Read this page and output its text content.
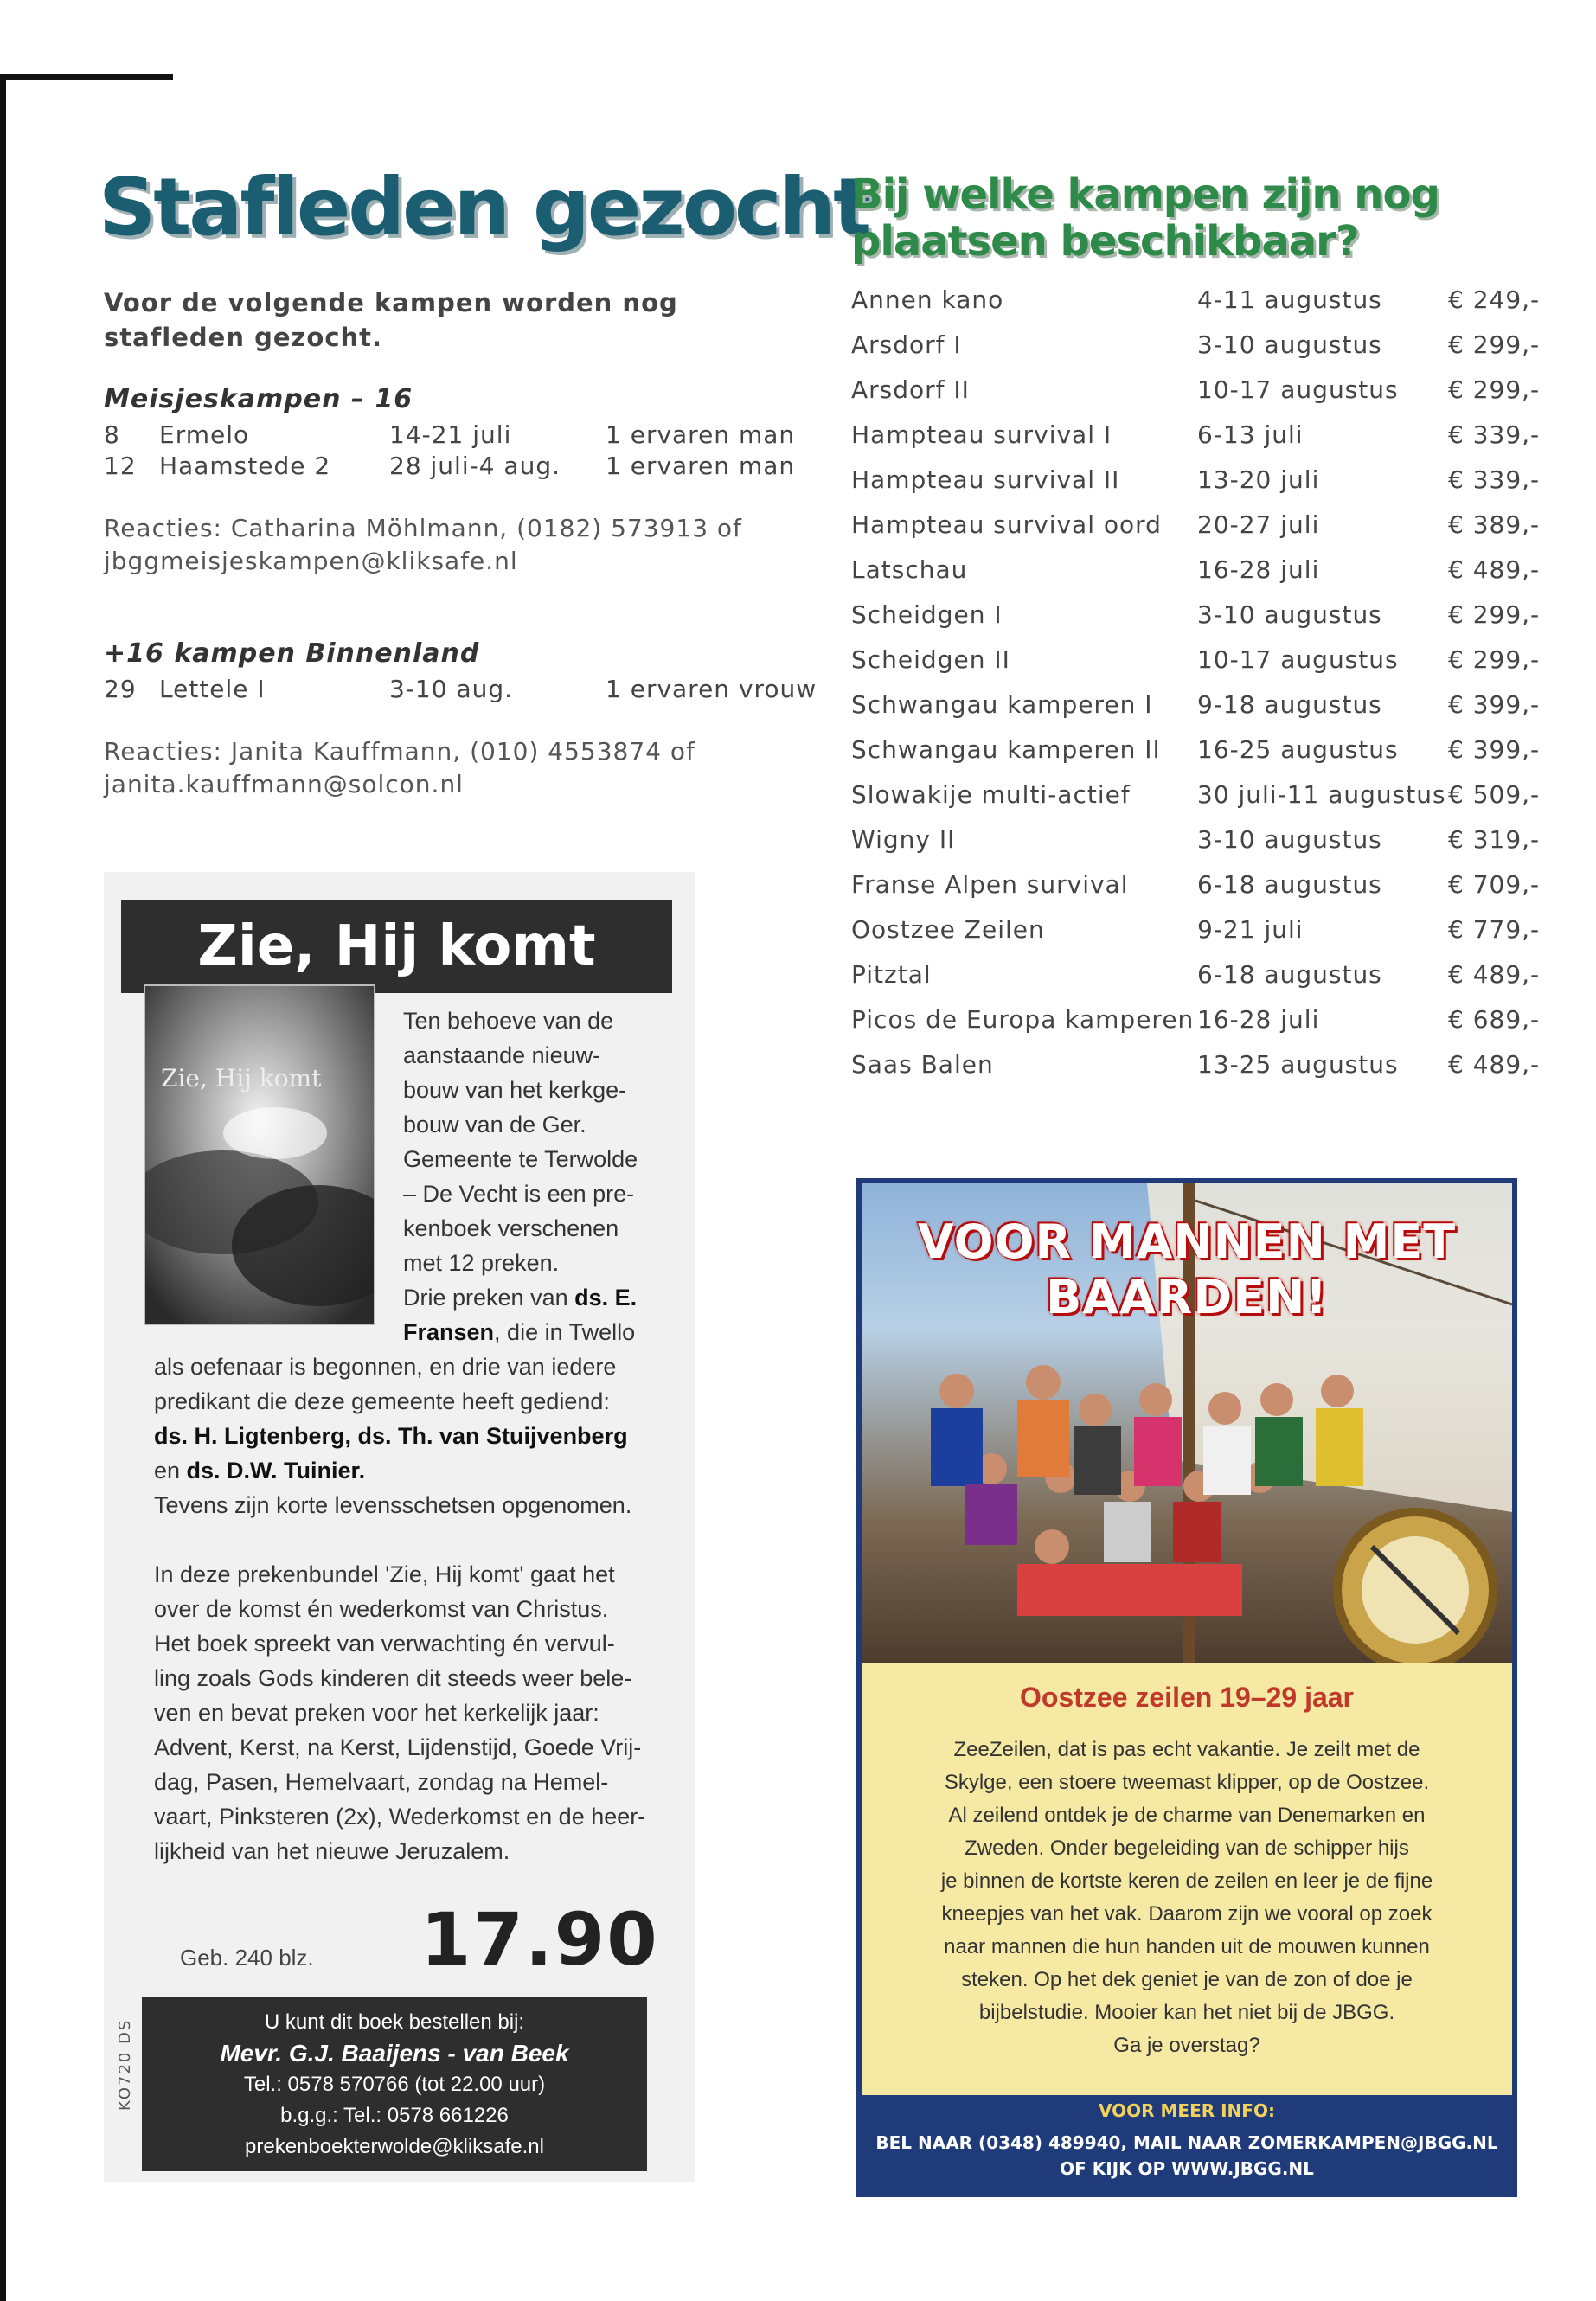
Stafleden gezocht
Voor de volgende kampen worden nog stafleden gezocht.
Meisjeskampen – 16
8 Ermelo	14-21 juli	1 ervaren man
12 Haamstede 2 28 juli-4 aug. 1 ervaren man
Reacties: Catharina Möhlmann, (0182) 573913 of
jbggmeisjeskampen@kliksafe.nl
+16 kampen Binnenland
29 Lettele I	3-10 aug.	1 ervaren vrouw
Reacties: Janita Kauffmann, (010) 4553874 of
janita.kauffmann@solcon.nl
Zie, Hij komt
Zie, Hij komt
Ten behoeve van de
aanstaande nieuw-
bouw van het kerkge-
bouw van de Ger.
Gemeente te Terwolde
– De Vecht is een pre-
kenboek verschenen
met 12 preken.
Drie preken van ds. E.
Fransen, die in Twello
als oefenaar is begonnen, en drie van iedere
predikant die deze gemeente heeft gediend:
ds. H. Ligtenberg, ds. Th. van Stuijvenberg
en ds. D.W. Tuinier.
Tevens zijn korte levensschetsen opgenomen.
In deze prekenbundel 'Zie, Hij komt' gaat het
over de komst én wederkomst van Christus.
Het boek spreekt van verwachting én vervul-
ling zoals Gods kinderen dit steeds weer bele-
ven en bevat preken voor het kerkelijk jaar:
Advent, Kerst, na Kerst, Lijdenstijd, Goede Vrij-
dag, Pasen, Hemelvaart, zondag na Hemel-
vaart, Pinksteren (2x), Wederkomst en de heer-
lijkheid van het nieuwe Jeruzalem.
Geb. 240 blz. 17.90
U kunt dit boek bestellen bij:
Mevr. G.J. Baaijens - van Beek
Tel.: 0578 570766 (tot 22.00 uur)
b.g.g.: Tel.: 0578 661226
prekenboekterwolde@kliksafe.nl
KO720 DS
Bij welke kampen zijn nog plaatsen beschikbaar?
Annen kano	4-11 augustus	€ 249,-
Arsdorf I	3-10 augustus	€ 299,-
Arsdorf II	10-17 augustus € 299,-
Hampteau survival I	6-13 juli	€ 339,-
Hampteau survival II	13-20 juli	€ 339,-
Hampteau survival oord 20-27 juli	€ 389,-
Latschau	16-28 juli	€ 489,-
Scheidgen I	3-10 augustus	€ 299,-
Scheidgen II	10-17 augustus € 299,-
Schwangau kamperen I 9-18 augustus	€ 399,-
Schwangau kamperen II 16-25 augustus € 399,-
Slowakije multi-actief	30 juli-11 augustus € 509,-
Wigny II	3-10 augustus	€ 319,-
Franse Alpen survival	6-18 augustus	€ 709,-
Oostzee Zeilen	9-21 juli	€ 779,-
Pitztal	6-18 augustus	€ 489,-
Picos de Europa kamperen 16-28 juli	€ 689,-
Saas Balen	13-25 augustus € 489,-
VOOR MANNEN MET
BAARDEN!
Oostzee zeilen 19–29 jaar
ZeeZeilen, dat is pas echt vakantie. Je zeilt met de
Skylge, een stoere tweemast klipper, op de Oostzee.
Al zeilend ontdek je de charme van Denemarken en
Zweden. Onder begeleiding van de schipper hijs
je binnen de kortste keren de zeilen en leer je de fijne
kneepjes van het vak. Daarom zijn we vooral op zoek
naar mannen die hun handen uit de mouwen kunnen
steken. Op het dek geniet je van de zon of doe je
bijbelstudie. Mooier kan het niet bij de JBGG.
Ga je overstag?
VOOR MEER INFO:
BEL NAAR (0348) 489940, MAIL NAAR ZOMERKAMPEN@JBGG.NL
OF KIJK OP WWW.JBGG.NL
